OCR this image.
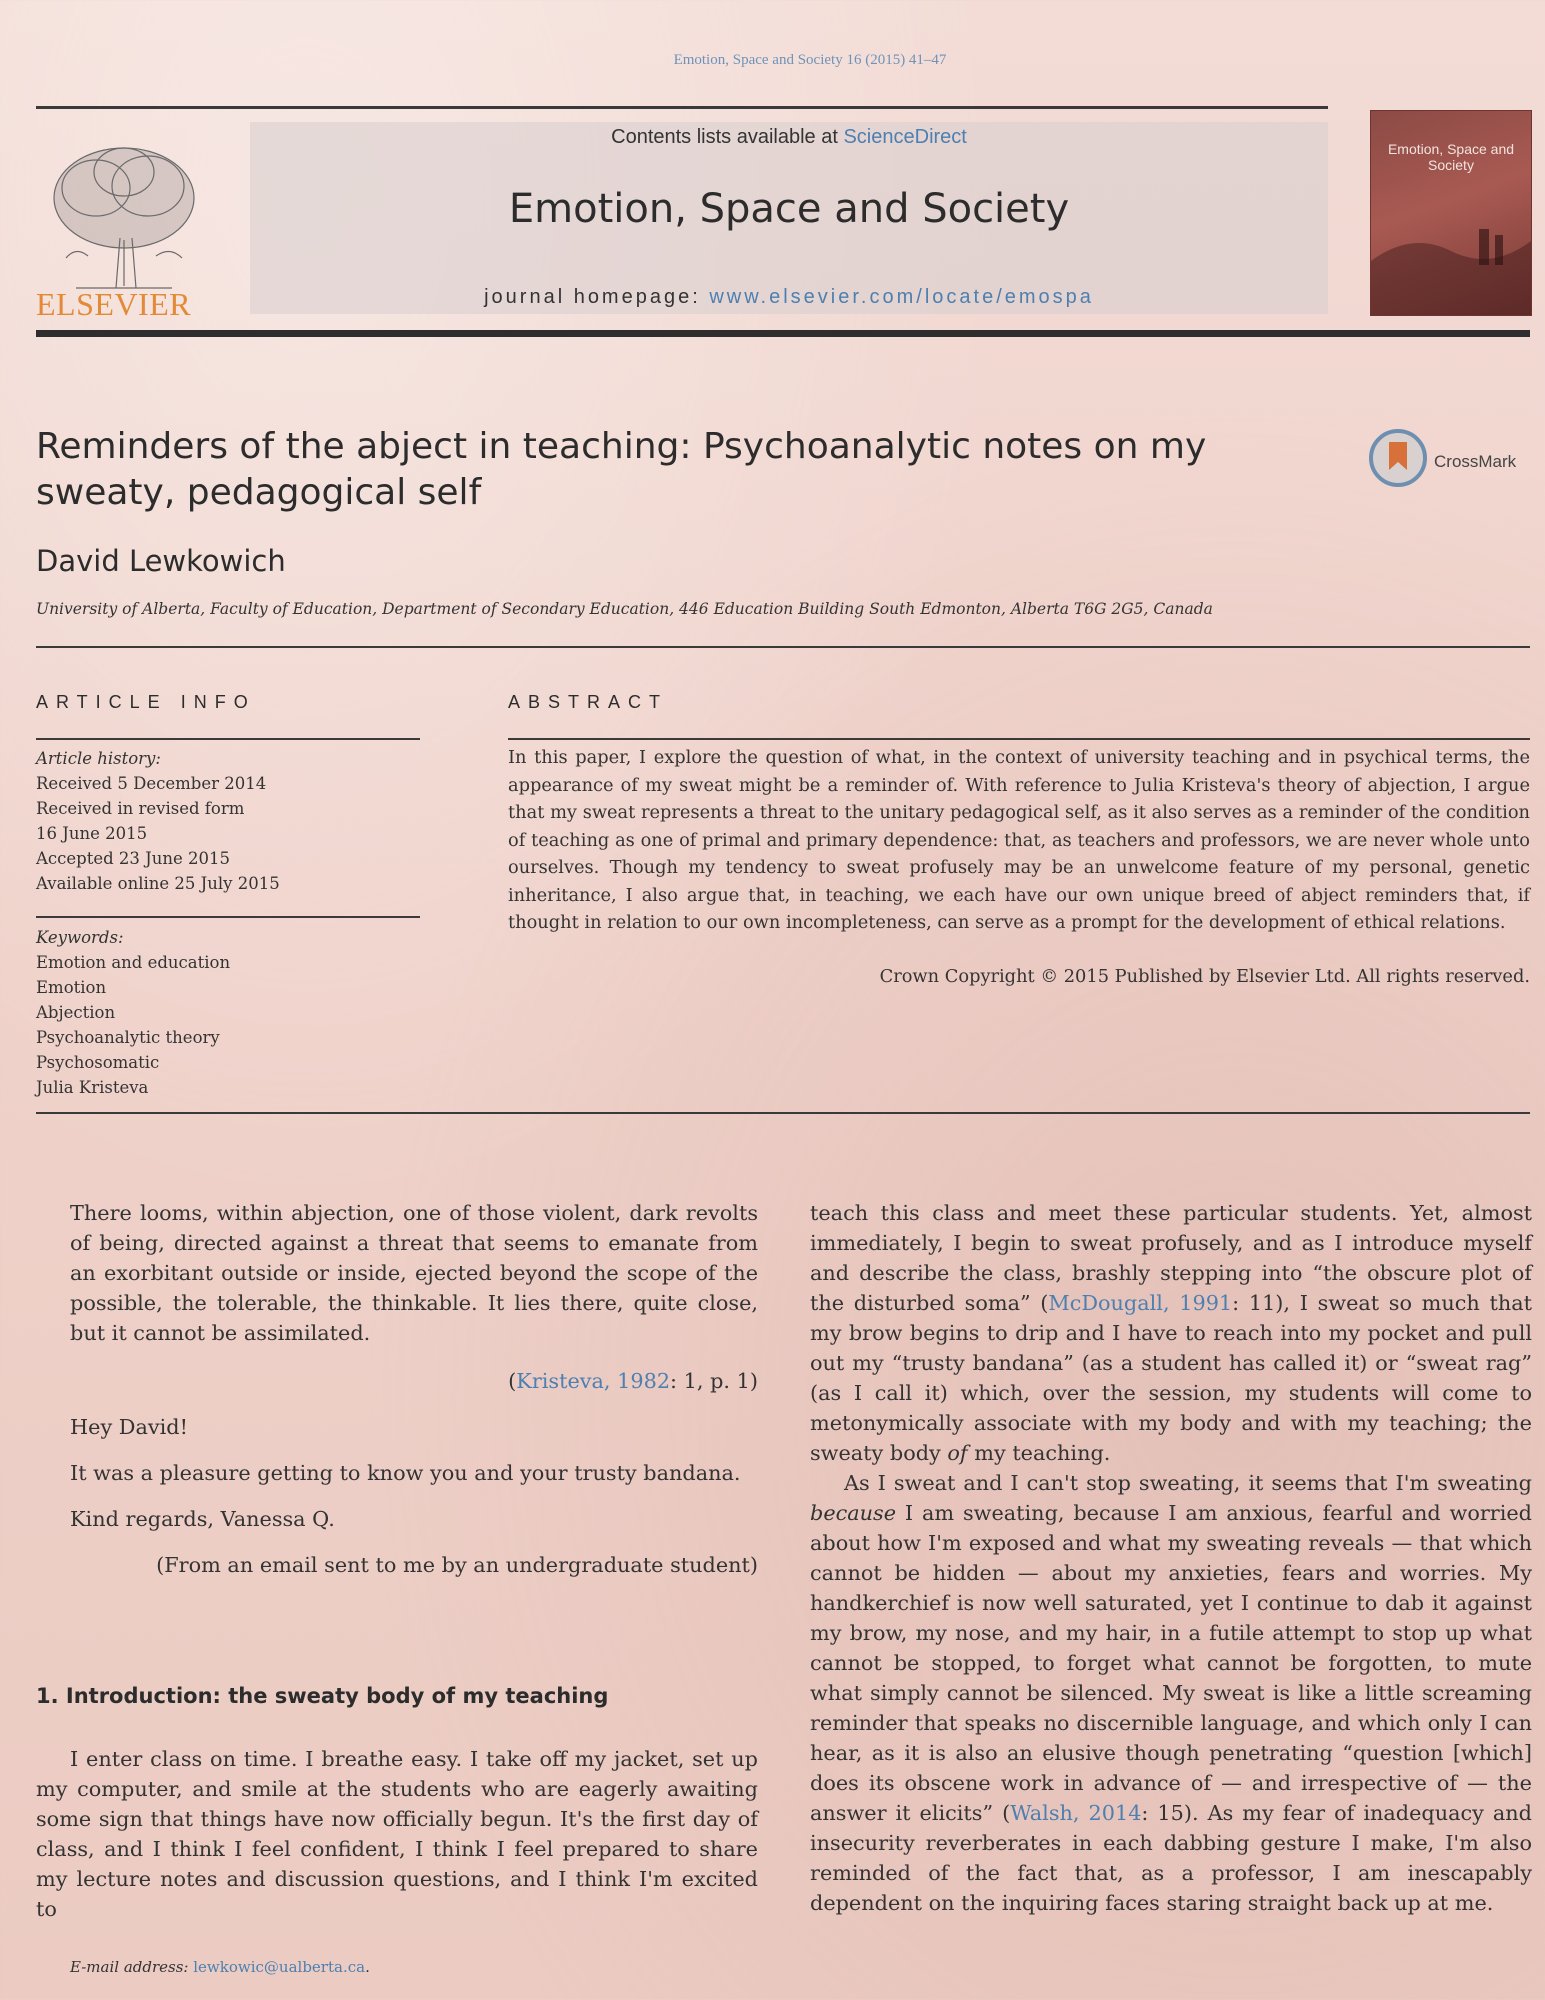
Emotion, Space and Society 16 (2015) 41–47
ELSEVIER
Contents lists available at ScienceDirect
Emotion, Space and Society
journal homepage: www.elsevier.com/locate/emospa
Emotion, Space and Society
Reminders of the abject in teaching: Psychoanalytic notes on my sweaty, pedagogical self
CrossMark
David Lewkowich
University of Alberta, Faculty of Education, Department of Secondary Education, 446 Education Building South Edmonton, Alberta T6G 2G5, Canada
ARTICLE INFO	ABSTRACT
Article history:
Received 5 December 2014
Received in revised form
16 June 2015
Accepted 23 June 2015
Available online 25 July 2015
Keywords:
Emotion and education
Emotion
Abjection
Psychoanalytic theory
Psychosomatic
Julia Kristeva
In this paper, I explore the question of what, in the context of university teaching and in psychical terms, the appearance of my sweat might be a reminder of. With reference to Julia Kristeva's theory of abjection, I argue that my sweat represents a threat to the unitary pedagogical self, as it also serves as a reminder of the condition of teaching as one of primal and primary dependence: that, as teachers and professors, we are never whole unto ourselves. Though my tendency to sweat profusely may be an unwelcome feature of my personal, genetic inheritance, I also argue that, in teaching, we each have our own unique breed of abject reminders that, if thought in relation to our own incompleteness, can serve as a prompt for the development of ethical relations.
Crown Copyright © 2015 Published by Elsevier Ltd. All rights reserved.
There looms, within abjection, one of those violent, dark revolts of being, directed against a threat that seems to emanate from an exorbitant outside or inside, ejected beyond the scope of the possible, the tolerable, the thinkable. It lies there, quite close, but it cannot be assimilated.
(Kristeva, 1982: 1, p. 1)
Hey David!
It was a pleasure getting to know you and your trusty bandana.
Kind regards, Vanessa Q.
(From an email sent to me by an undergraduate student)
1. Introduction: the sweaty body of my teaching
I enter class on time. I breathe easy. I take off my jacket, set up my computer, and smile at the students who are eagerly awaiting some sign that things have now officially begun. It's the first day of class, and I think I feel confident, I think I feel prepared to share my lecture notes and discussion questions, and I think I'm excited to
E-mail address: lewkowic@ualberta.ca.

teach this class and meet these particular students. Yet, almost immediately, I begin to sweat profusely, and as I introduce myself and describe the class, brashly stepping into “the obscure plot of the disturbed soma” (McDougall, 1991: 11), I sweat so much that my brow begins to drip and I have to reach into my pocket and pull out my “trusty bandana” (as a student has called it) or “sweat rag” (as I call it) which, over the session, my students will come to metonymically associate with my body and with my teaching; the sweaty body of my teaching.

As I sweat and I can't stop sweating, it seems that I'm sweating because I am sweating, because I am anxious, fearful and worried about how I'm exposed and what my sweating reveals — that which cannot be hidden — about my anxieties, fears and worries. My handkerchief is now well saturated, yet I continue to dab it against my brow, my nose, and my hair, in a futile attempt to stop up what cannot be stopped, to forget what cannot be forgotten, to mute what simply cannot be silenced. My sweat is like a little screaming reminder that speaks no discernible language, and which only I can hear, as it is also an elusive though penetrating “question [which] does its obscene work in advance of — and irrespective of — the answer it elicits” (Walsh, 2014: 15). As my fear of inadequacy and insecurity reverberates in each dabbing gesture I make, I'm also reminded of the fact that, as a professor, I am inescapably dependent on the inquiring faces staring straight back up at me.
